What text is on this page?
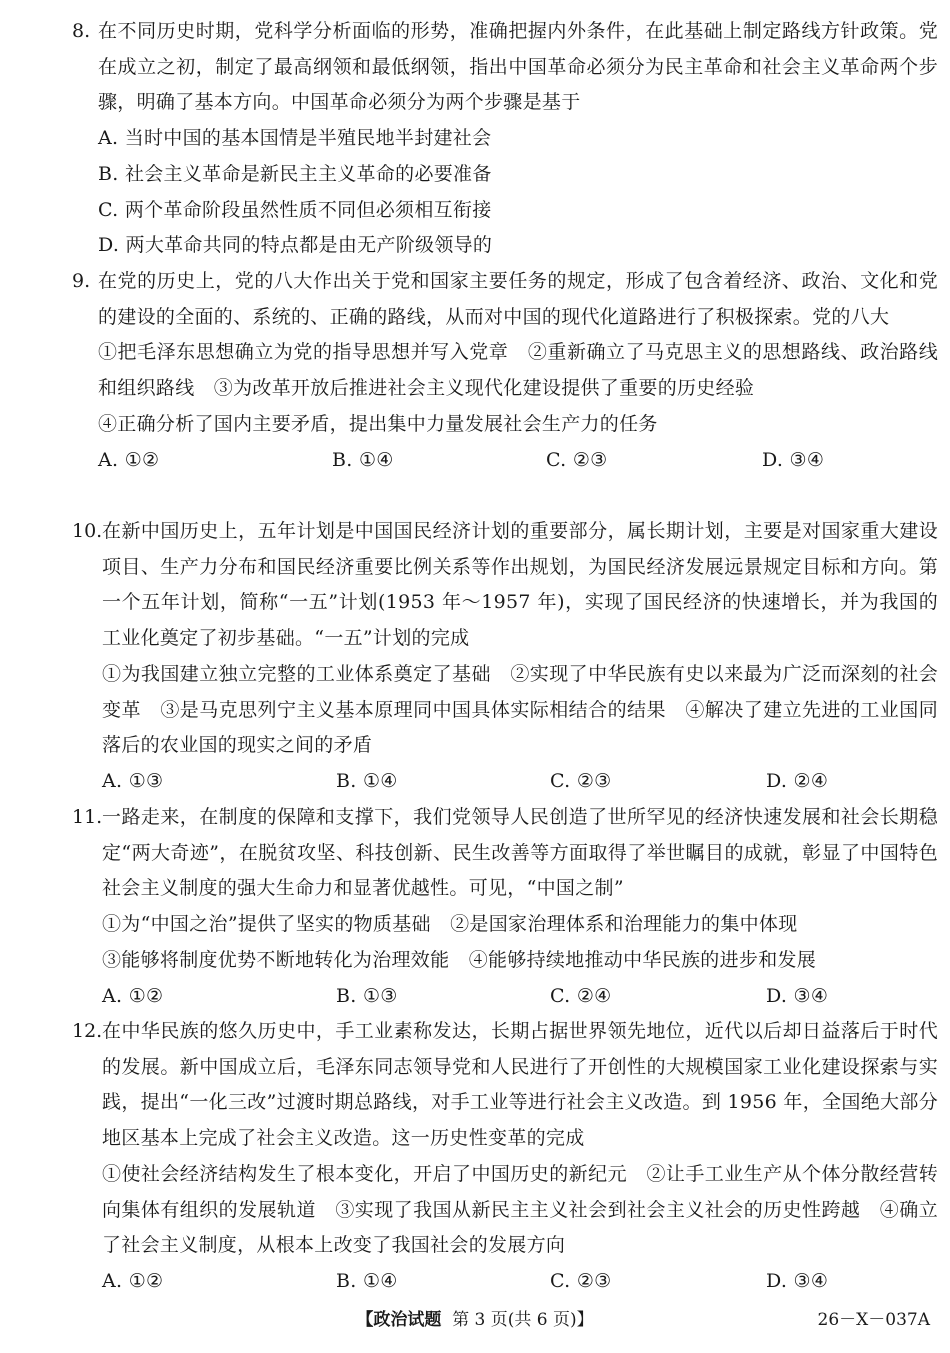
8. 在不同历史时期，党科学分析面临的形势，准确把握内外条件，在此基础上制定路线方针政策。党在成立之初，制定了最高纲领和最低纲领，指出中国革命必须分为民主革命和社会主义革命两个步骤，明确了基本方向。中国革命必须分为两个步骤是基于
A. 当时中国的基本国情是半殖民地半封建社会
B. 社会主义革命是新民主主义革命的必要准备
C. 两个革命阶段虽然性质不同但必须相互衔接
D. 两大革命共同的特点都是由无产阶级领导的
9. 在党的历史上，党的八大作出关于党和国家主要任务的规定，形成了包含着经济、政治、文化和党的建设的全面的、系统的、正确的路线，从而对中国的现代化道路进行了积极探索。党的八大
①把毛泽东思想确立为党的指导思想并写入党章　②重新确立了马克思主义的思想路线、政治路线和组织路线　③为改革开放后推进社会主义现代化建设提供了重要的历史经验
④正确分析了国内主要矛盾，提出集中力量发展社会生产力的任务
A. ①②	B. ①④	C. ②③	D. ③④
10. 在新中国历史上，五年计划是中国国民经济计划的重要部分，属长期计划，主要是对国家重大建设项目、生产力分布和国民经济重要比例关系等作出规划，为国民经济发展远景规定目标和方向。第一个五年计划，简称“一五”计划(1953 年～1957 年)，实现了国民经济的快速增长，并为我国的工业化奠定了初步基础。“一五”计划的完成
①为我国建立独立完整的工业体系奠定了基础　②实现了中华民族有史以来最为广泛而深刻的社会变革　③是马克思列宁主义基本原理同中国具体实际相结合的结果　④解决了建立先进的工业国同落后的农业国的现实之间的矛盾
A. ①③	B. ①④	C. ②③	D. ②④
11. 一路走来，在制度的保障和支撑下，我们党领导人民创造了世所罕见的经济快速发展和社会长期稳定“两大奇迹”，在脱贫攻坚、科技创新、民生改善等方面取得了举世瞩目的成就，彰显了中国特色社会主义制度的强大生命力和显著优越性。可见，“中国之制”
①为“中国之治”提供了坚实的物质基础　②是国家治理体系和治理能力的集中体现
③能够将制度优势不断地转化为治理效能　④能够持续地推动中华民族的进步和发展
A. ①②	B. ①③	C. ②④	D. ③④
12. 在中华民族的悠久历史中，手工业素称发达，长期占据世界领先地位，近代以后却日益落后于时代的发展。新中国成立后，毛泽东同志领导党和人民进行了开创性的大规模国家工业化建设探索与实践，提出“一化三改”过渡时期总路线，对手工业等进行社会主义改造。到 1956 年，全国绝大部分地区基本上完成了社会主义改造。这一历史性变革的完成
①使社会经济结构发生了根本变化，开启了中国历史的新纪元　②让手工业生产从个体分散经营转向集体有组织的发展轨道　③实现了我国从新民主主义社会到社会主义社会的历史性跨越　④确立了社会主义制度，从根本上改变了我国社会的发展方向
A. ①②	B. ①④	C. ②③	D. ③④
【政治试题 第 3 页(共 6 页)】	26－X－037A
